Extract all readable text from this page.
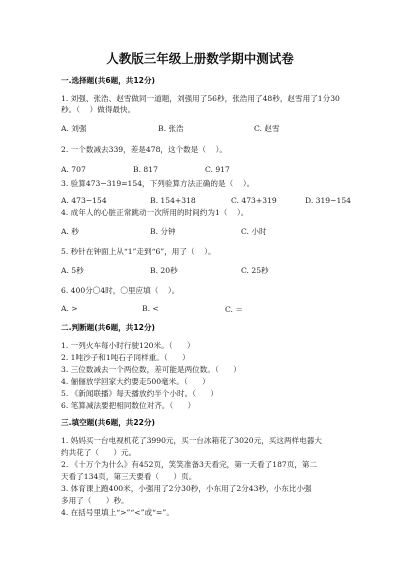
人教版三年级上册数学期中测试卷
一.选择题(共6题，共12分)
1. 刘强、张浩、赵雪做同一道题，刘强用了56秒，张浩用了48秒，赵雪用了1分30秒。（    ）做得最快。
A. 刘强	B. 张浩	C. 赵雪
2. 一个数减去339，差是478，这个数是（    ）。
A. 707	B. 817	C. 917
3. 验算473−319=154，下列验算方法正确的是（    ）。
A. 473−154	B. 154+318	C. 473+319	D. 319−154
4. 成年人的心脏正常跳动一次所用的时间约为1（    ）。
A. 秒	B. 分钟	C. 小时
5. 秒针在钟面上从“1”走到“6”，用了（    ）。
A. 5秒	B. 20秒	C. 25秒
6. 400分〇4时，〇里应填（    ）。
A. >	B. <	C. ＝
二.判断题(共6题，共12分)
1. 一列火车每小时行驶120米。（      ）
2. 1吨沙子和1吨石子同样重。（      ）
3. 三位数减去一个两位数，差可能是两位数。（      ）
4. 俪俪放学回家大约要走500毫米。（      ）
5. 《新闻联播》每天播放约半个小时。（      ）
6. 笔算减法要把相同数位对齐。（      ）
三.填空题(共6题，共22分)
1. 妈妈买一台电视机花了3990元，买一台冰箱花了3020元，买这两样电器大
约共花了（      ）元。
2. 《十万个为什么》有452页，笑笑准备3天看完，第一天看了187页，第二
天看了134页，第三天要看（      ）页。
3. 体育课上跑400米，小强用了2分30秒，小东用了2分43秒，小东比小强
多用了（      ）秒。
4. 在括号里填上“>”“<”或“=”。
